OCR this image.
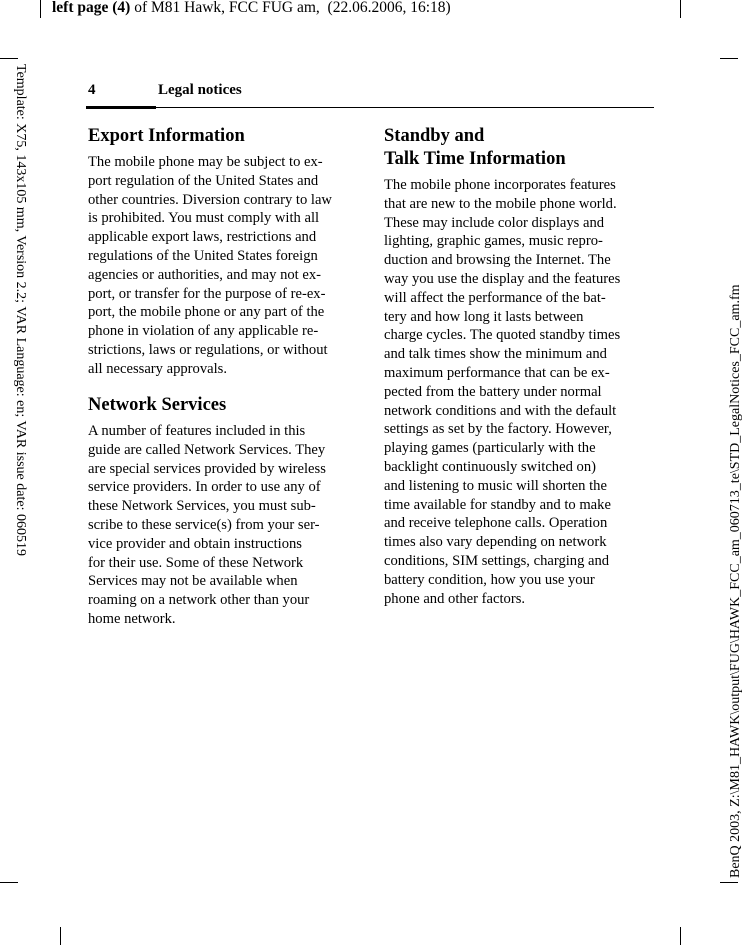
left page (4) of M81 Hawk, FCC FUG am,  (22.06.2006, 16:18)
Template: X75, 143x105 mm, Version 2.2; VAR Language: en; VAR issue date: 060519	BenQ 2003, Z:\M81_HAWK\output\FUG\HAWK_FCC_am_060713_te\STD_LegalNotices_FCC_am.fm
4	Legal notices
Export Information
The mobile phone may be subject to ex-
port regulation of the United States and
other countries. Diversion contrary to law
is prohibited. You must comply with all
applicable export laws, restrictions and
regulations of the United States foreign
agencies or authorities, and may not ex-
port, or transfer for the purpose of re-ex-
port, the mobile phone or any part of the
phone in violation of any applicable re-
strictions, laws or regulations, or without
all necessary approvals.
Network Services
A number of features included in this
guide are called Network Services. They
are special services provided by wireless
service providers. In order to use any of
these Network Services, you must sub-
scribe to these service(s) from your ser-
vice provider and obtain instructions
for their use. Some of these Network
Services may not be available when
roaming on a network other than your
home network.
Standby and
Talk Time Information
The mobile phone incorporates features
that are new to the mobile phone world.
These may include color displays and
lighting, graphic games, music repro-
duction and browsing the Internet. The
way you use the display and the features
will affect the performance of the bat-
tery and how long it lasts between
charge cycles. The quoted standby times
and talk times show the minimum and
maximum performance that can be ex-
pected from the battery under normal
network conditions and with the default
settings as set by the factory. However,
playing games (particularly with the
backlight continuously switched on)
and listening to music will shorten the
time available for standby and to make
and receive telephone calls. Operation
times also vary depending on network
conditions, SIM settings, charging and
battery condition, how you use your
phone and other factors.
